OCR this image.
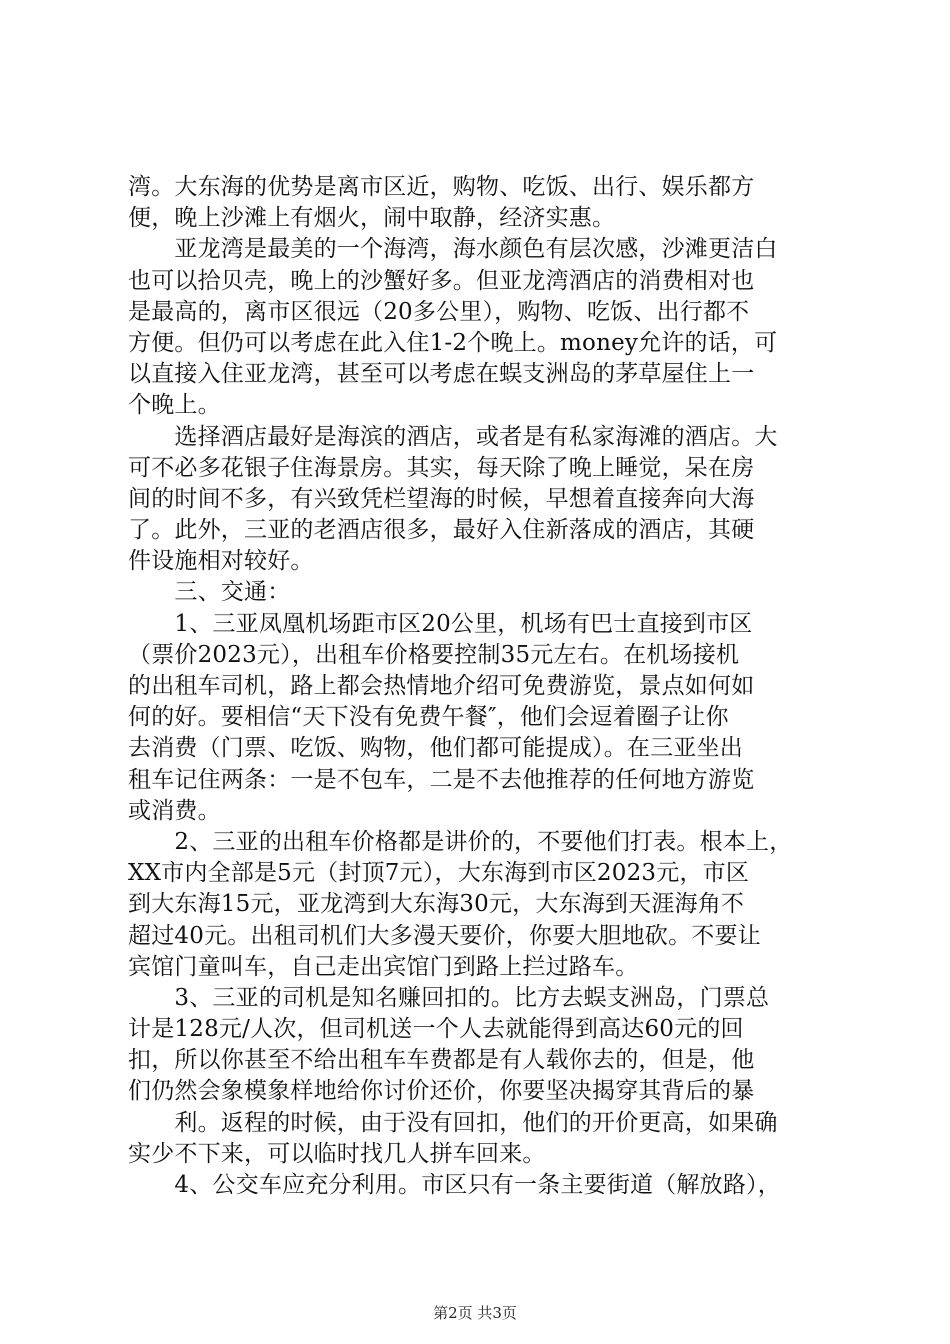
湾。大东海的优势是离市区近，购物、吃饭、出行、娱乐都方
便，晚上沙滩上有烟火，闹中取静，经济实惠。
　　亚龙湾是最美的一个海湾，海水颜色有层次感，沙滩更洁白
也可以拾贝壳，晚上的沙蟹好多。但亚龙湾酒店的消费相对也
是最高的，离市区很远（20多公里），购物、吃饭、出行都不
方便。但仍可以考虑在此入住1-2个晚上。money允许的话，可
以直接入住亚龙湾，甚至可以考虑在蜈支洲岛的茅草屋住上一
个晚上。
　　选择酒店最好是海滨的酒店，或者是有私家海滩的酒店。大
可不必多花银子住海景房。其实，每天除了晚上睡觉，呆在房
间的时间不多，有兴致凭栏望海的时候，早想着直接奔向大海
了。此外，三亚的老酒店很多，最好入住新落成的酒店，其硬
件设施相对较好。
　　三、交通：
　　1、三亚凤凰机场距市区20公里，机场有巴士直接到市区
（票价2023元），出租车价格要控制35元左右。在机场接机
的出租车司机，路上都会热情地介绍可免费游览，景点如何如
何的好。要相信“天下没有免费午餐″，他们会逗着圈子让你
去消费（门票、吃饭、购物，他们都可能提成）。在三亚坐出
租车记住两条：一是不包车，二是不去他推荐的任何地方游览
或消费。
　　2、三亚的出租车价格都是讲价的，不要他们打表。根本上，
XX市内全部是5元（封顶7元），大东海到市区2023元，市区
到大东海15元，亚龙湾到大东海30元，大东海到天涯海角不
超过40元。出租司机们大多漫天要价，你要大胆地砍。不要让
宾馆门童叫车，自己走出宾馆门到路上拦过路车。
　　3、三亚的司机是知名赚回扣的。比方去蜈支洲岛，门票总
计是128元/人次，但司机送一个人去就能得到高达60元的回
扣，所以你甚至不给出租车车费都是有人载你去的，但是，他
们仍然会象模象样地给你讨价还价，你要坚决揭穿其背后的暴
　　利。返程的时候，由于没有回扣，他们的开价更高，如果确
实少不下来，可以临时找几人拼车回来。
　　4、公交车应充分利用。市区只有一条主要街道（解放路），
第2页 共3页
